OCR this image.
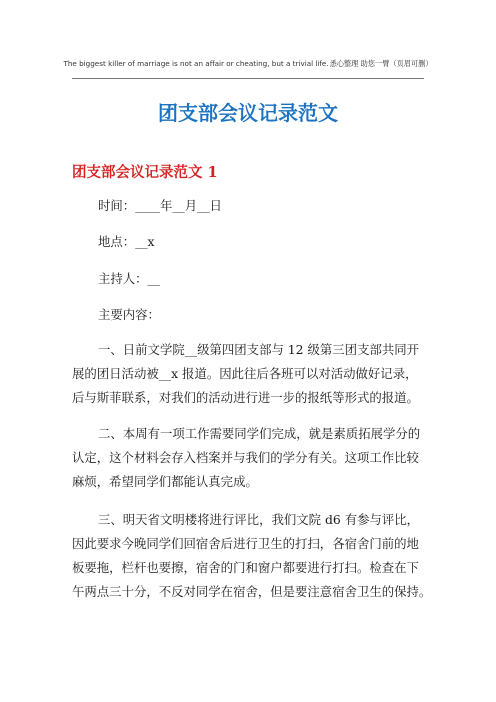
The biggest killer of marriage is not an affair or cheating, but a trivial life.悉心整理 助您一臂（页眉可删）
团支部会议记录范文
团支部会议记录范文 1

时间：____年__月__日

地点：__x

主持人：__

主要内容：

一、日前文学院__级第四团支部与 12 级第三团支部共同开
展的团日活动被__x 报道。因此往后各班可以对活动做好记录，
后与斯菲联系，对我们的活动进行进一步的报纸等形式的报道。
二、本周有一项工作需要同学们完成，就是素质拓展学分的
认定，这个材料会存入档案并与我们的学分有关。这项工作比较
麻烦，希望同学们都能认真完成。
三、明天省文明楼将进行评比，我们文院 d6 有参与评比，
因此要求今晚同学们回宿舍后进行卫生的打扫，各宿舍门前的地
板要拖，栏杆也要擦，宿舍的门和窗户都要进行打扫。检查在下
午两点三十分，不反对同学在宿舍，但是要注意宿舍卫生的保持。
